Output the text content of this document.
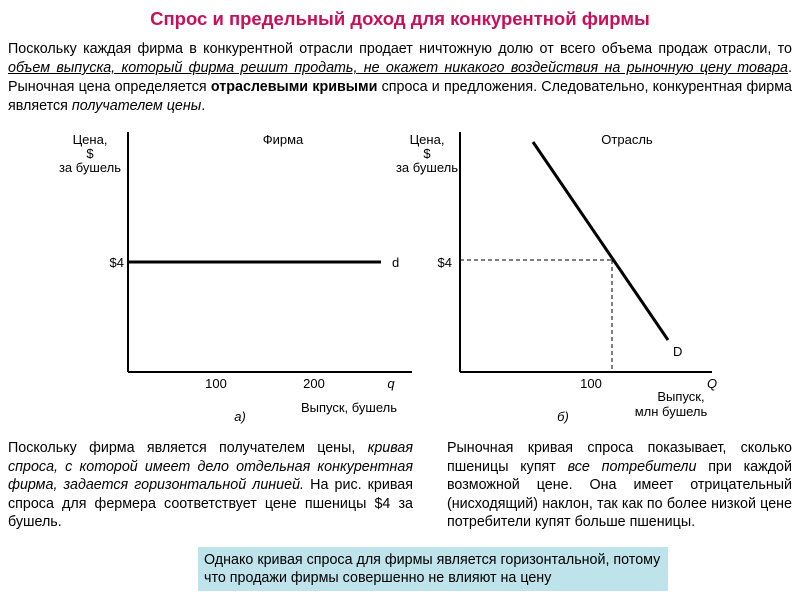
Спрос и предельный доход для конкурентной фирмы
Поскольку каждая фирма в конкурентной отрасли продает ничтожную долю от всего объема продаж отрасли, то объем выпуска, который фирма решит продать, не окажет никакого воздействия на рыночную цену товара. Рыночная цена определяется отраслевыми кривыми спроса и предложения. Следовательно, конкурентная фирма является получателем цены.
Цена,
$
за бушель
Фирма
$4	d
100	200	q
а)
Выпуск, бушель
Цена,
$
за бушель
Отрасль
$4
D
100	Q
б)
Выпуск,
млн бушель
Поскольку фирма является получателем цены, кривая спроса, с которой имеет дело отдельная конкурентная фирма, задается горизонтальной линией. На рис. кривая спроса для фермера соответствует цене пшеницы $4 за бушель.
Рыночная кривая спроса показывает, сколько пшеницы купят все потребители при каждой возможной цене. Она имеет отрицательный (нисходящий) наклон, так как по более низкой цене потребители купят больше пшеницы.
Однако кривая спроса для фирмы является горизонтальной, потому что продажи фирмы совершенно не влияют на цену
